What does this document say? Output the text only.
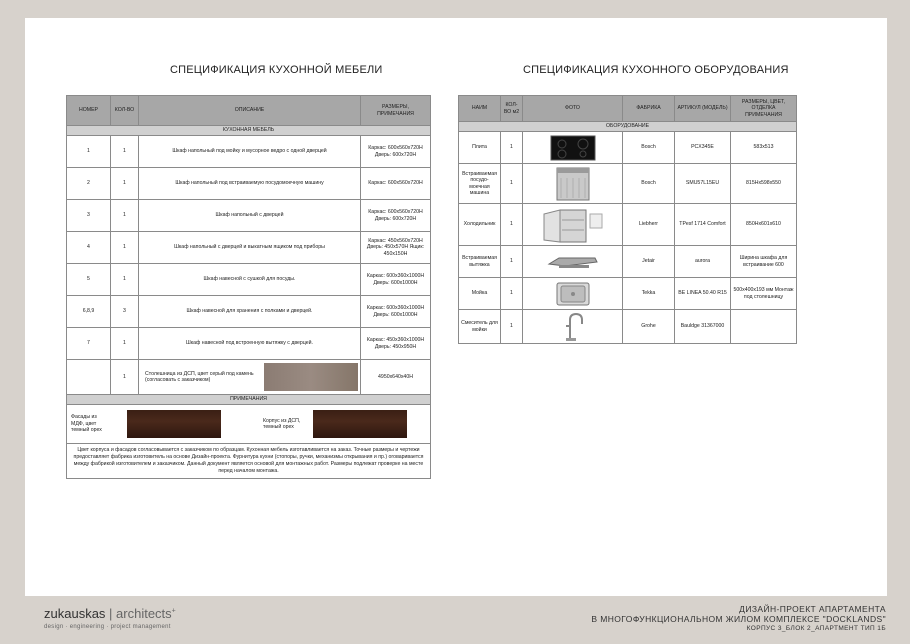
СПЕЦИФИКАЦИЯ КУХОННОЙ МЕБЕЛИ
НОМЕР	КОЛ-ВО	ОПИСАНИЕ	РАЗМЕРЫ, ПРИМЕЧАНИЯ
КУХОННАЯ МЕБЕЛЬ			
1	1	Шкаф напольный под мойку и мусорное ведро с одной дверцей	Каркас: 600х560х720Н Дверь: 600х720Н
2	1	Шкаф напольный под встраиваемую посудомоечную машину	Каркас: 600х560х720Н
3	1	Шкаф напольный с дверцей	Каркас: 600х560х720Н Дверь: 600х720Н
4	1	Шкаф напольный с дверцей и выкатным ящиком под приборы	Каркас: 450х560х720Н Дверь: 450х570Н Ящик: 450х150Н
5	1	Шкаф навесной с сушкой для посуды.	Каркас: 600х360х1000Н Дверь: 600х1000Н
6,8,9	3	Шкаф навесной для хранения с полками и дверцей.	Каркас: 600х360х1000Н Дверь: 600х1000Н
7	1	Шкаф навесной под встроенную вытяжку с дверцей.	Каркас: 450х360х1000Н Дверь: 450х950Н
	1	Столешница из ДСП, цвет серый под камень (согласовать с заказчиком)	4950х640х40Н
ПРИМЕЧАНИЯ			

Фасады из МДФ, цвет темный орех
Корпус из ДСП, темный орех			

Цвет корпуса и фасадов согласовывается с заказчиком по образцам. Кухонная мебель изготавливается на заказ. Точные размеры и чертежи предоставляет фабрика изготовитель на основе Дизайн-проекта. Фурнитура кухни (стопоры, ручки, механизмы открывания и пр.) оговаривается между фабрикой изготовителем и заказчиком. Данный документ является основой для монтажных работ. Размеры подлежат проверке на месте перед началом монтажа.			
СПЕЦИФИКАЦИЯ КУХОННОГО ОБОРУДОВАНИЯ
НАИМ	КОЛ-ВО м2	ФОТО	ФАБРИКА	АРТИКУЛ (МОДЕЛЬ)	РАЗМЕРЫ, ЦВЕТ, ОТДЕЛКА ПРИМЕЧАНИЯ
ОБОРУДОВАНИЕ					
Плита	1		Bosch	PCX345E	583х513
Встраиваемая посудо-моечная машина	1		Bosch	SMU57L15EU	815Hх598х550
Холодильник	1		Liebherr	TPesf 1714 Comfort	850Hх601х610
Встраиваемая вытяжка	1		Jetair	aurora	Ширина шкафа для встраивание 600
Мойка	1		Tekka	BE LINEA 50.40 R15	500х400х193 мм Монтаж под столешницу
Смеситель для мойки	1		Grohe	Bauldge 31367000	
zukauskas | architects+
design · engineering · project management
ДИЗАЙН-ПРОЕКТ АПАРТАМЕНТА
В МНОГОФУНКЦИОНАЛЬНОМ ЖИЛОМ КОМПЛЕКСЕ "DOCKLANDS"
КОРПУС 3_БЛОК 2_АПАРТМЕНТ ТИП 1Б
